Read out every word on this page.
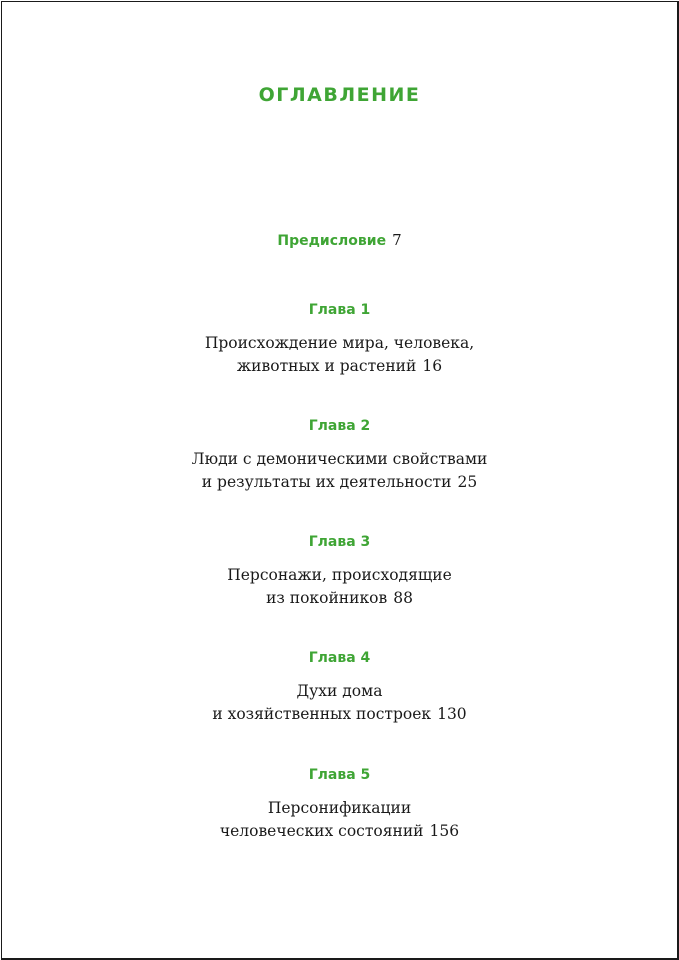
ОГЛАВЛЕНИЕ
Предисловие 7
Глава 1
Происхождение мира, человека,
животных и растений 16
Глава 2
Люди с демоническими свойствами
и результаты их деятельности 25
Глава 3
Персонажи, происходящие
из покойников 88
Глава 4
Духи дома
и хозяйственных построек 130
Глава 5
Персонификации
человеческих состояний 156
